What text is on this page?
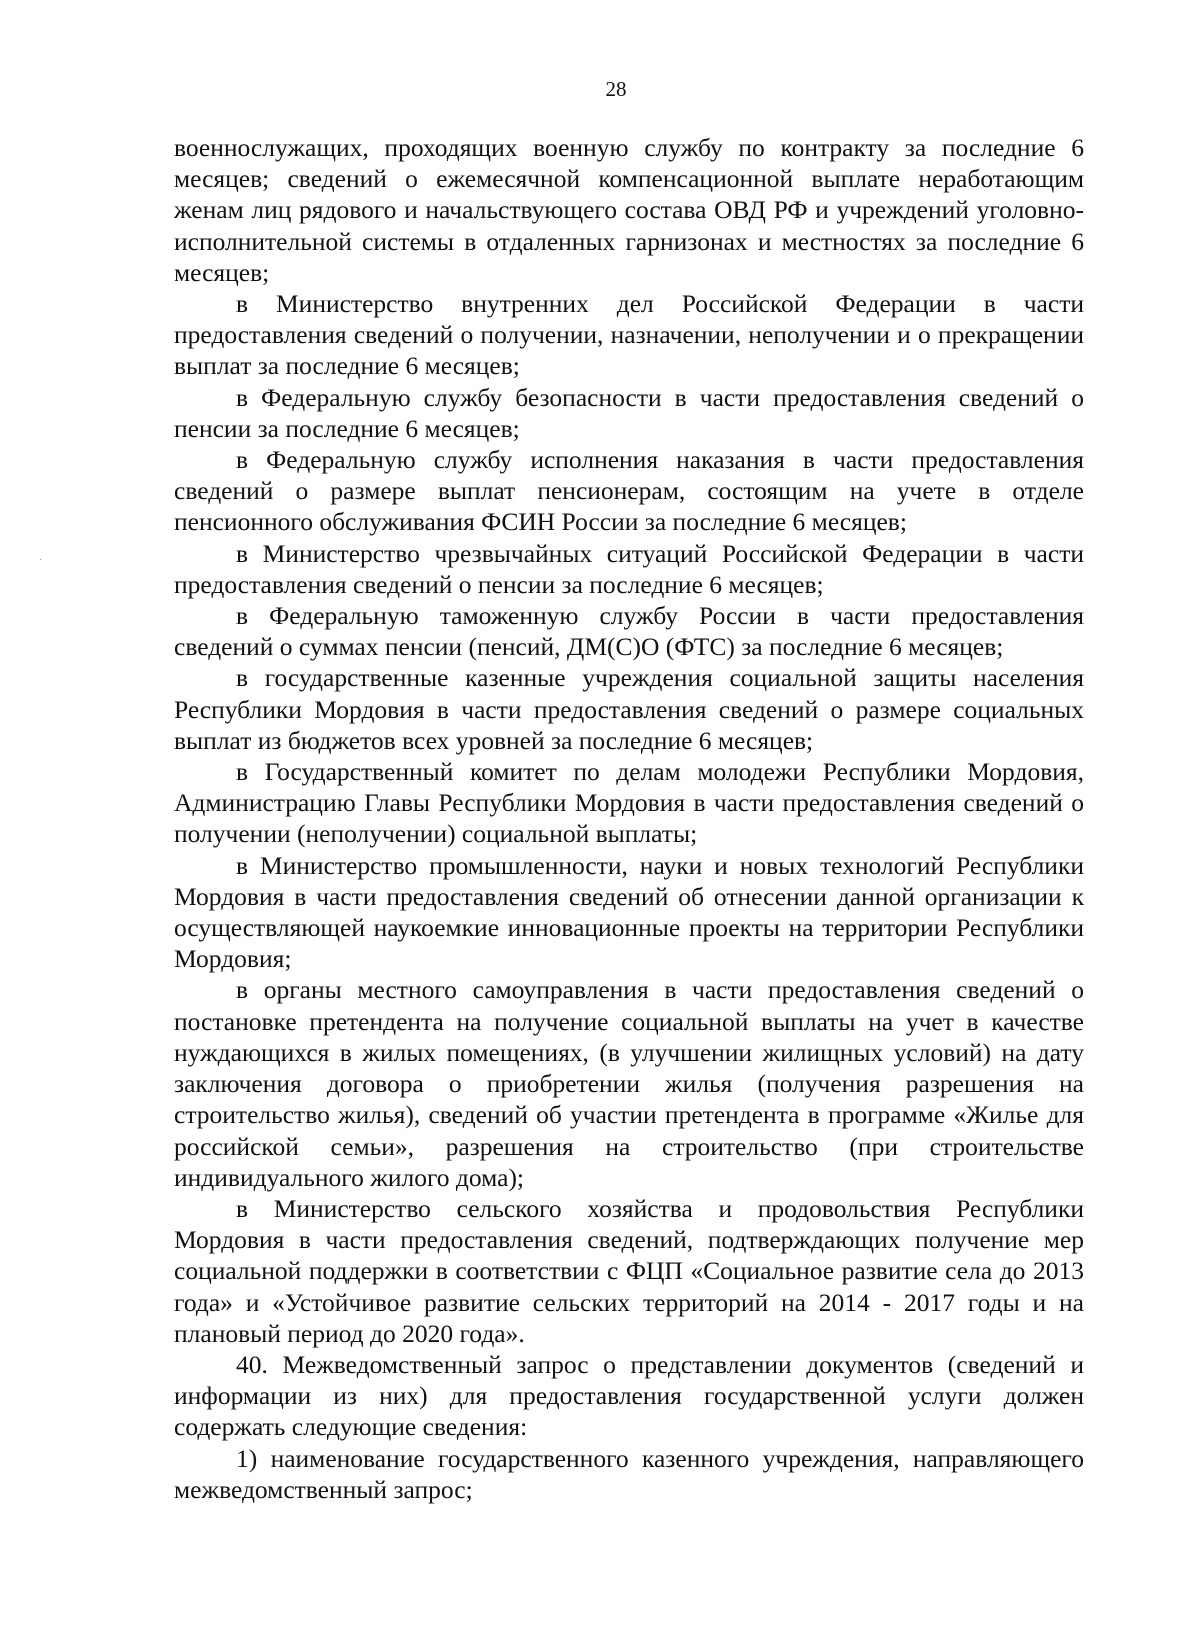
28

военнослужащих, проходящих военную службу по контракту за последние 6 месяцев; сведений о ежемесячной компенсационной выплате неработающим женам лиц рядового и начальствующего состава ОВД РФ и учреждений уголовно-исполнительной системы в отдаленных гарнизонах и местностях за последние 6 месяцев;

в Министерство внутренних дел Российской Федерации в части предоставления сведений о получении, назначении, неполучении и о прекращении выплат за последние 6 месяцев;

в Федеральную службу безопасности в части предоставления сведений о пенсии за последние 6 месяцев;

в Федеральную службу исполнения наказания в части предоставления сведений о размере выплат пенсионерам, состоящим на учете в отделе пенсионного обслуживания ФСИН России за последние 6 месяцев;

в Министерство чрезвычайных ситуаций Российской Федерации в части предоставления сведений о пенсии за последние 6 месяцев;

в Федеральную таможенную службу России в части предоставления сведений о суммах пенсии (пенсий, ДМ(С)О (ФТС) за последние 6 месяцев;

в государственные казенные учреждения социальной защиты населения Республики Мордовия в части предоставления сведений о размере социальных выплат из бюджетов всех уровней за последние 6 месяцев;

в Государственный комитет по делам молодежи Республики Мордовия, Администрацию Главы Республики Мордовия в части предоставления сведений о получении (неполучении) социальной выплаты;

в Министерство промышленности, науки и новых технологий Республики Мордовия в части предоставления сведений об отнесении данной организации к осуществляющей наукоемкие инновационные проекты на территории Республики Мордовия;

в органы местного самоуправления в части предоставления сведений о постановке претендента на получение социальной выплаты на учет в качестве нуждающихся в жилых помещениях, (в улучшении жилищных условий) на дату заключения договора о приобретении жилья (получения разрешения на строительство жилья), сведений об участии претендента в программе «Жилье для российской семьи», разрешения на строительство (при строительстве индивидуального жилого дома);

в Министерство сельского хозяйства и продовольствия Республики Мордовия в части предоставления сведений, подтверждающих получение мер социальной поддержки в соответствии с ФЦП «Социальное развитие села до 2013 года» и «Устойчивое развитие сельских территорий на 2014 - 2017 годы и на плановый период до 2020 года».

40. Межведомственный запрос о представлении документов (сведений и информации из них) для предоставления государственной услуги должен содержать следующие сведения:

1) наименование государственного казенного учреждения, направляющего межведомственный запрос;
